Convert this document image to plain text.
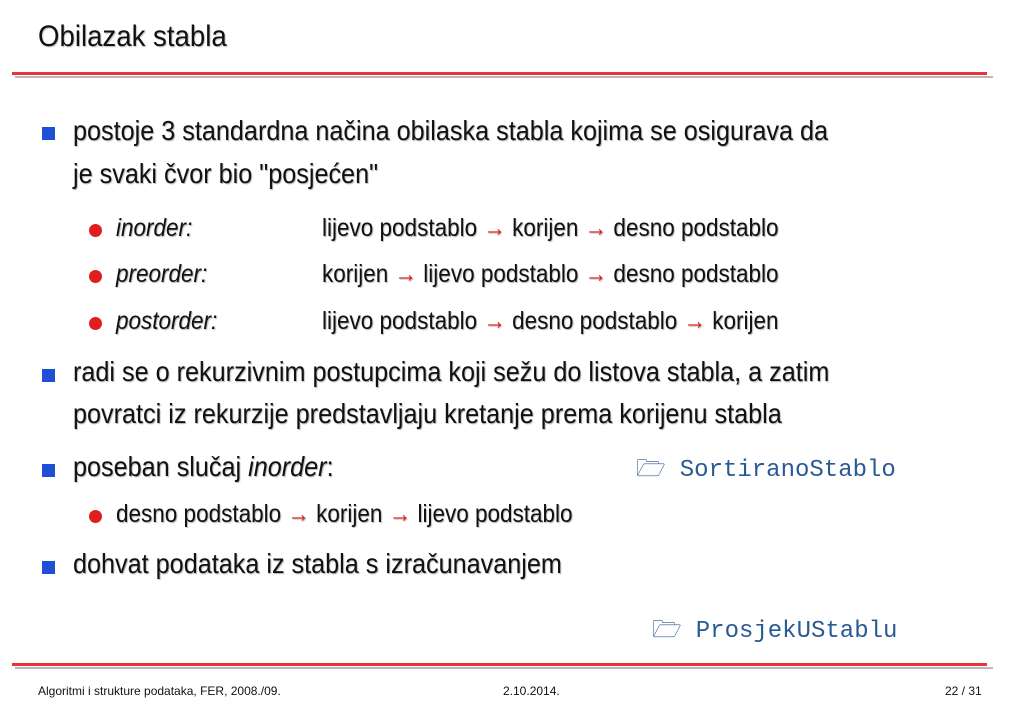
Obilazak stabla
postoje 3 standardna načina obilaska stabla kojima se osigurava da
je svaki čvor bio "posjećen"
inorder:	lijevo podstablo → korijen → desno podstablo
preorder:	korijen → lijevo podstablo → desno podstablo
postorder:	lijevo podstablo → desno podstablo → korijen
radi se o rekurzivnim postupcima koji sežu do listova stabla, a zatim
povratci iz rekurzije predstavljaju kretanje prema korijenu stabla
poseban slučaj inorder:	🗁 SortiranoStablo
desno podstablo → korijen → lijevo podstablo
dohvat podataka iz stabla s izračunavanjem
🗁 ProsjekUStablu
Algoritmi i strukture podataka, FER, 2008./09.	2.10.2014.	22 / 31
